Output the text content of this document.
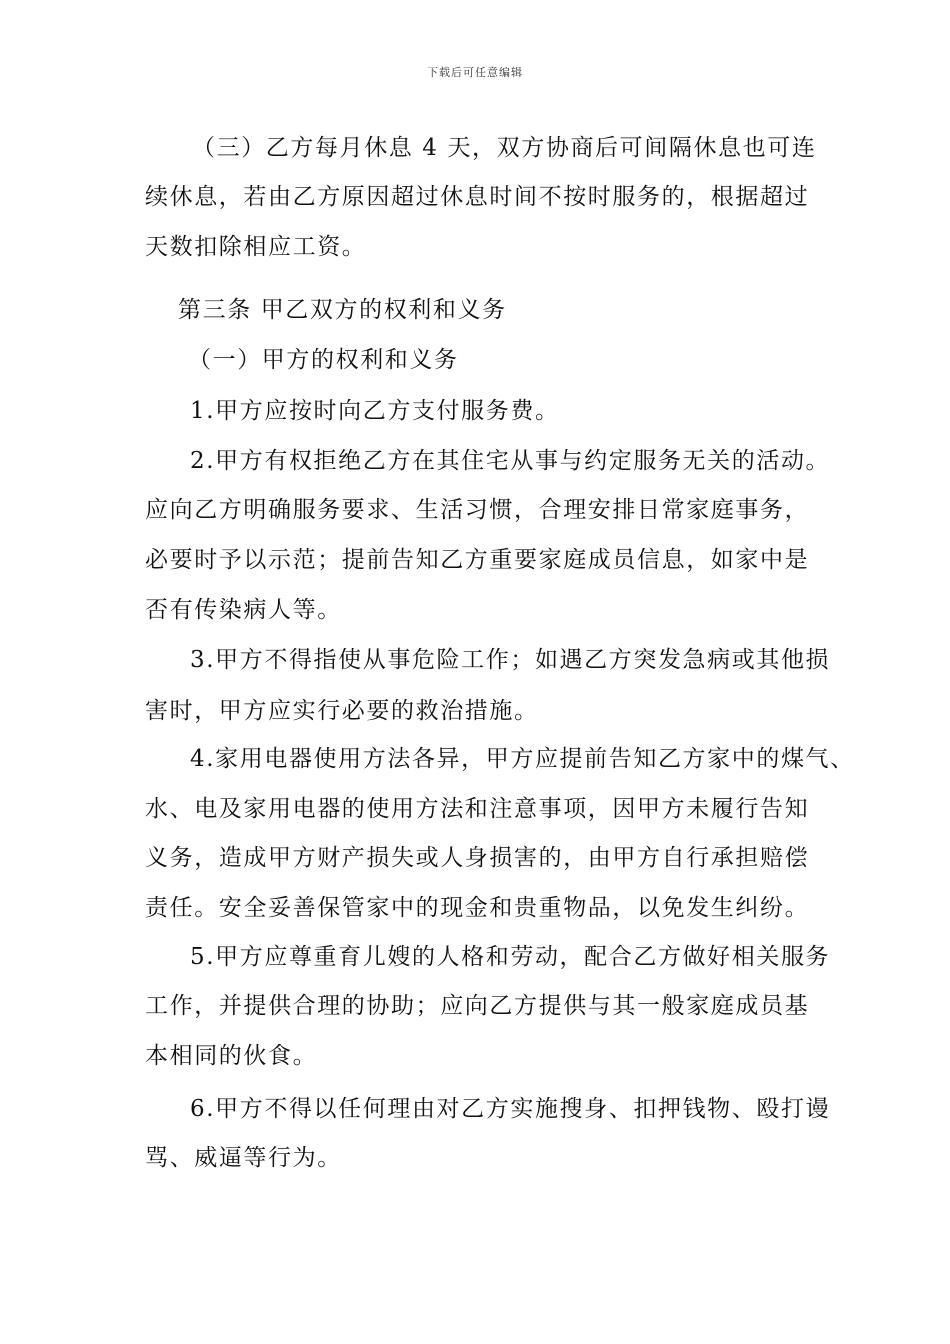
下载后可任意编辑
（三）乙方每月休息 4 天，双方协商后可间隔休息也可连
续休息，若由乙方原因超过休息时间不按时服务的，根据超过
天数扣除相应工资。
第三条 甲乙双方的权利和义务
（一）甲方的权利和义务
1.甲方应按时向乙方支付服务费。
2.甲方有权拒绝乙方在其住宅从事与约定服务无关的活动。
应向乙方明确服务要求、生活习惯，合理安排日常家庭事务，
必要时予以示范；提前告知乙方重要家庭成员信息，如家中是
否有传染病人等。
3.甲方不得指使从事危险工作；如遇乙方突发急病或其他损
害时，甲方应实行必要的救治措施。
4.家用电器使用方法各异，甲方应提前告知乙方家中的煤气、
水、电及家用电器的使用方法和注意事项，因甲方未履行告知
义务，造成甲方财产损失或人身损害的，由甲方自行承担赔偿
责任。安全妥善保管家中的现金和贵重物品，以免发生纠纷。
5.甲方应尊重育儿嫂的人格和劳动，配合乙方做好相关服务
工作，并提供合理的协助；应向乙方提供与其一般家庭成员基
本相同的伙食。
6.甲方不得以任何理由对乙方实施搜身、扣押钱物、殴打谩
骂、威逼等行为。
